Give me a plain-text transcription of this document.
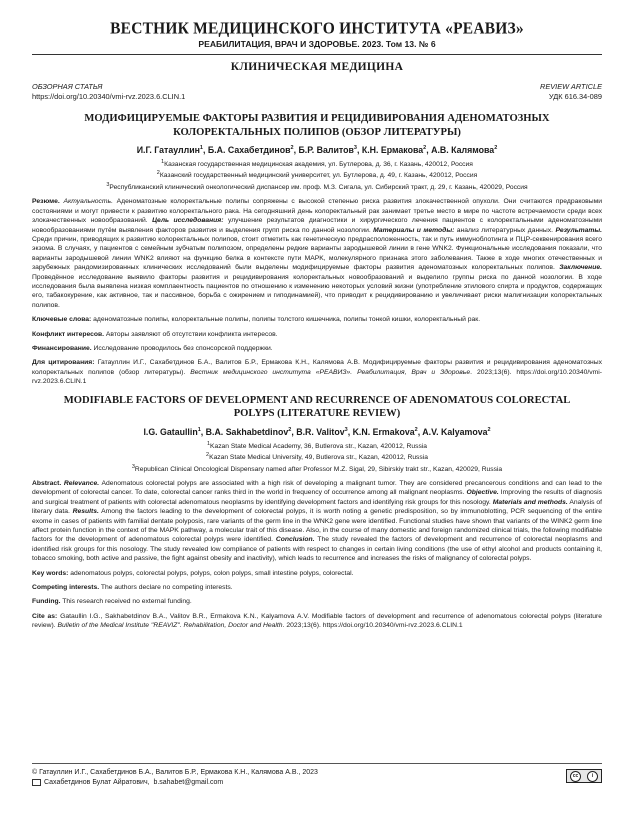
ВЕСТНИК МЕДИЦИНСКОГО ИНСТИТУТА «РЕАВИЗ»
РЕАБИЛИТАЦИЯ, ВРАЧ И ЗДОРОВЬЕ. 2023. Том 13. № 6
КЛИНИЧЕСКАЯ МЕДИЦИНА
ОБЗОРНАЯ СТАТЬЯ	REVIEW ARTICLE
https://doi.org/10.20340/vmi-rvz.2023.6.CLIN.1	УДК 616.34-089
МОДИФИЦИРУЕМЫЕ ФАКТОРЫ РАЗВИТИЯ И РЕЦИДИВИРОВАНИЯ АДЕНОМАТОЗНЫХ КОЛОРЕКТАЛЬНЫХ ПОЛИПОВ (ОБЗОР ЛИТЕРАТУРЫ)
И.Г. Гатауллин$^1$, Б.А. Сахабетдинов$^2$, Б.Р. Валитов$^3$, К.Н. Ермакова$^2$, А.В. Калямова$^2$
$^1$Казанская государственная медицинская академия, ул. Бутлерова, д. 36, г. Казань, 420012, Россия
$^2$Казанский государственный медицинский университет, ул. Бутлерова, д. 49, г. Казань, 420012, Россия
$^3$Республиканский клинический онкологический диспансер им. проф. М.З. Сигала, ул. Сибирский тракт, д. 29, г. Казань, 420029, Россия
Резюме. Актуальность. Аденоматозные колоректальные полипы сопряжены с высокой степенью риска развития злокачественной опухоли. Они считаются предраковыми состояниями и могут привести к развитию колоректального рака. На сегодняшний день колоректальный рак занимает третье место в мире по частоте встречаемости среди всех злокачественных новообразований. Цель исследования: улучшение результатов диагностики и хирургического лечения пациентов с колоректальными аденоматозными новообразованиями путём выявления факторов развития и выделения групп риска по данной нозологии. Материалы и методы: анализ литературных данных. Результаты. Среди причин, приводящих к развитию колоректальных полипов, стоит отметить как генетическую предрасположенность, так и путь иммуноблотинга и ПЦР-секвенирования всего экзома. В случаях, у пациентов с семейным зубчатым полипозом, определены редкие варианты зародышевой линии в гене WNK2. Функциональные исследования показали, что варианты зародышевой линии WNK2 влияют на функцию белка в контексте пути MAPK, молекулярного признака этого заболевания. Также в ходе многих отечественных и зарубежных рандомизированных клинических исследований были выделены модифицируемые факторы развития аденоматозных колоректальных полипов. Заключение. Проведённое исследование выявило факторы развития и рецидивирования колоректальных новообразований и выделило группы риска по данной нозологии. В ходе исследования была выявлена низкая комплаентность пациентов по отношению к изменению некоторых условий жизни (употребление этилового спирта и продуктов, содержащих его, табакокурение, как активное, так и пассивное, борьба с ожирением и гиподинамией), что приводит к рецидивированию и увеличивает риски малигнизации колоректальных полипов.
Ключевые слова: аденоматозные полипы, колоректальные полипы, полипы толстого кишечника, полипы тонкой кишки, колоректальный рак.
Конфликт интересов. Авторы заявляют об отсутствии конфликта интересов.
Финансирование. Исследование проводилось без спонсорской поддержки.
Для цитирования: Гатауллин И.Г., Сахабетдинов Б.А., Валитов Б.Р., Ермакова К.Н., Калямова А.В. Модифицируемые факторы развития и рецидивирования аденоматозных колоректальных полипов (обзор литературы). Вестник медицинского института «РЕАВИЗ». Реабилитация, Врач и Здоровье. 2023;13(6). https://doi.org/10.20340/vmi-rvz.2023.6.CLIN.1
MODIFIABLE FACTORS OF DEVELOPMENT AND RECURRENCE OF ADENOMATOUS COLORECTAL POLYPS (LITERATURE REVIEW)
I.G. Gataullin$^1$, B.A. Sakhabetdinov$^2$, B.R. Valitov$^3$, K.N. Ermakova$^2$, A.V. Kalyamova$^2$
$^1$Kazan State Medical Academy, 36, Butlerova str., Kazan, 420012, Russia
$^2$Kazan State Medical University, 49, Butlerova str., Kazan, 420012, Russia
$^3$Republican Clinical Oncological Dispensary named after Professor M.Z. Sigal, 29, Sibirskiy trakt str., Kazan, 420029, Russia
Abstract. Relevance. Adenomatous colorectal polyps are associated with a high risk of developing a malignant tumor. They are considered precancerous conditions and can lead to the development of colorectal cancer. To date, colorectal cancer ranks third in the world in frequency of occurrence among all malignant neoplasms. Objective. Improving the results of diagnosis and surgical treatment of patients with colorectal adenomatous neoplasms by identifying development factors and identifying risk groups for this nosology. Materials and methods. Analysis of literary data. Results. Among the factors leading to the development of colorectal polyps, it is worth noting a genetic predisposition, so by immunoblotting, PCR sequencing of the entire exome in cases of patients with familial dentate polyposis, rare variants of the germ line in the WNK2 gene were identified. Functional studies have shown that variants of the WINK2 germ line affect protein function in the context of the MAPK pathway, a molecular trait of this disease. Also, in the course of many domestic and foreign randomized clinical trials, the following modifiable factors for the development of adenomatous colorectal polyps were identified. Conclusion. The study revealed the factors of development and recurrence of colorectal neoplasms and identified risk groups for this nosology. The study revealed low compliance of patients with respect to changes in certain living conditions (the use of ethyl alcohol and products containing it, tobacco smoking, both active and passive, the fight against obesity and inactivity), which leads to recurrence and increases the risks of malignancy of colorectal polyps.
Key words: adenomatous polyps, colorectal polyps, polyps, colon polyps, small intestine polyps, colorectal.
Competing interests. The authors declare no competing interests.
Funding. This research received no external funding.
Cite as: Gataullin I.G., Sakhabetdinov B.A., Valitov B.R., Ermakova K.N., Kalyamova A.V. Modifiable factors of development and recurrence of adenomatous colorectal polyps (literature review). Bulletin of the Medical Institute "REAVIZ". Rehabilitation, Doctor and Health. 2023;13(6). https://doi.org/10.20340/vmi-rvz.2023.6.CLIN.1
© Гатауллин И.Г., Сахабетдинов Б.А., Валитов Б.Р., Ермакова К.Н., Калямова А.В., 2023
Сахабетдинов Булат Айратович, b.sahabet@gmail.com
cc	i
